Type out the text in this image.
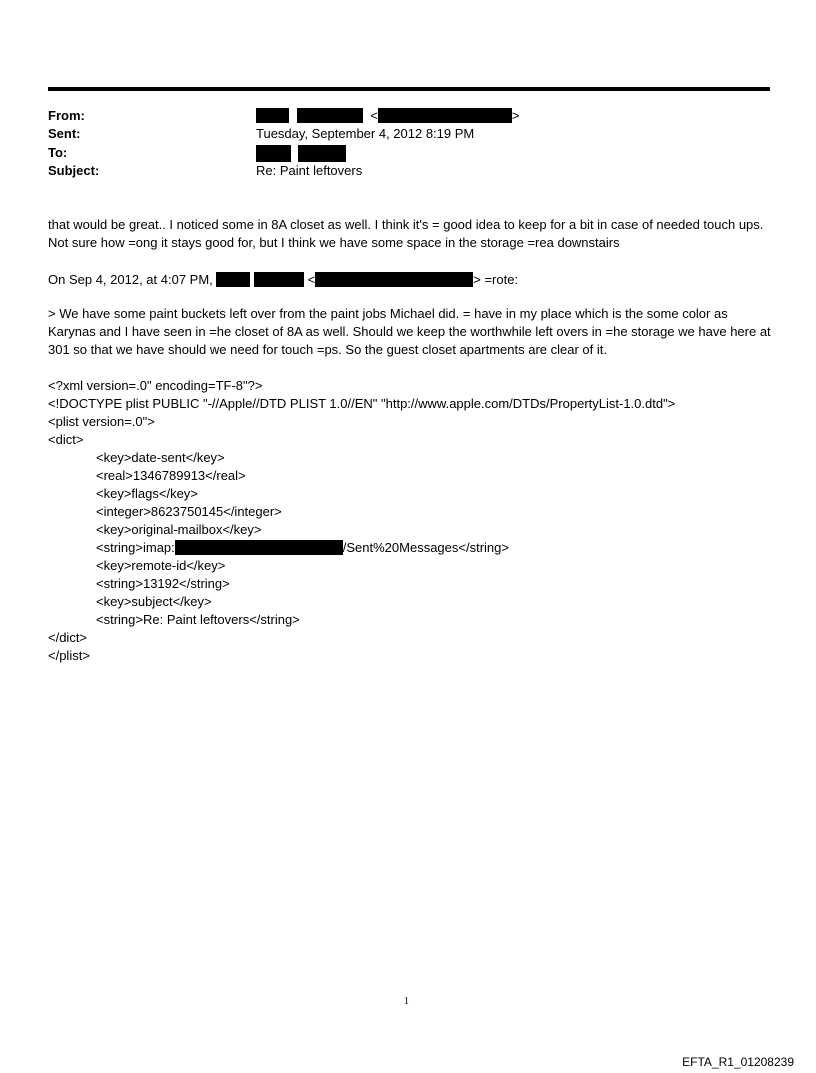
From:	<	>
Sent:	Tuesday, September 4, 2012 8:19 PM
To:

Subject:	Re: Paint leftovers
that would be great.. I noticed some in 8A closet as well. I think it's = good idea to keep for a bit in case of needed touch ups. Not sure how =ong it stays good for, but I think we have some space in the storage =rea downstairs
On Sep 4, 2012, at 4:07 PM,	<	> =rote:
> We have some paint buckets left over from the paint jobs Michael did. = have in my place which is the some color as Karynas and I have seen in =he closet of 8A as well. Should we keep the worthwhile left overs in =he storage we have here at 301 so that we have should we need for touch =ps. So the guest closet apartments are clear of it.
<?xml version=.0" encoding=TF-8"?>
<!DOCTYPE plist PUBLIC "-//Apple//DTD PLIST 1.0//EN" "http://www.apple.com/DTDs/PropertyList-1.0.dtd">
<plist version=.0">
<dict>
<key>date-sent</key>
<real>1346789913</real>
<key>flags</key>
<integer>8623750145</integer>
<key>original-mailbox</key>
<string>imap:	/Sent%20Messages</string>
<key>remote-id</key>
<string>13192</string>
<key>subject</key>
<string>Re: Paint leftovers</string>
</dict>
</plist>
1
EFTA_R1_01208239
